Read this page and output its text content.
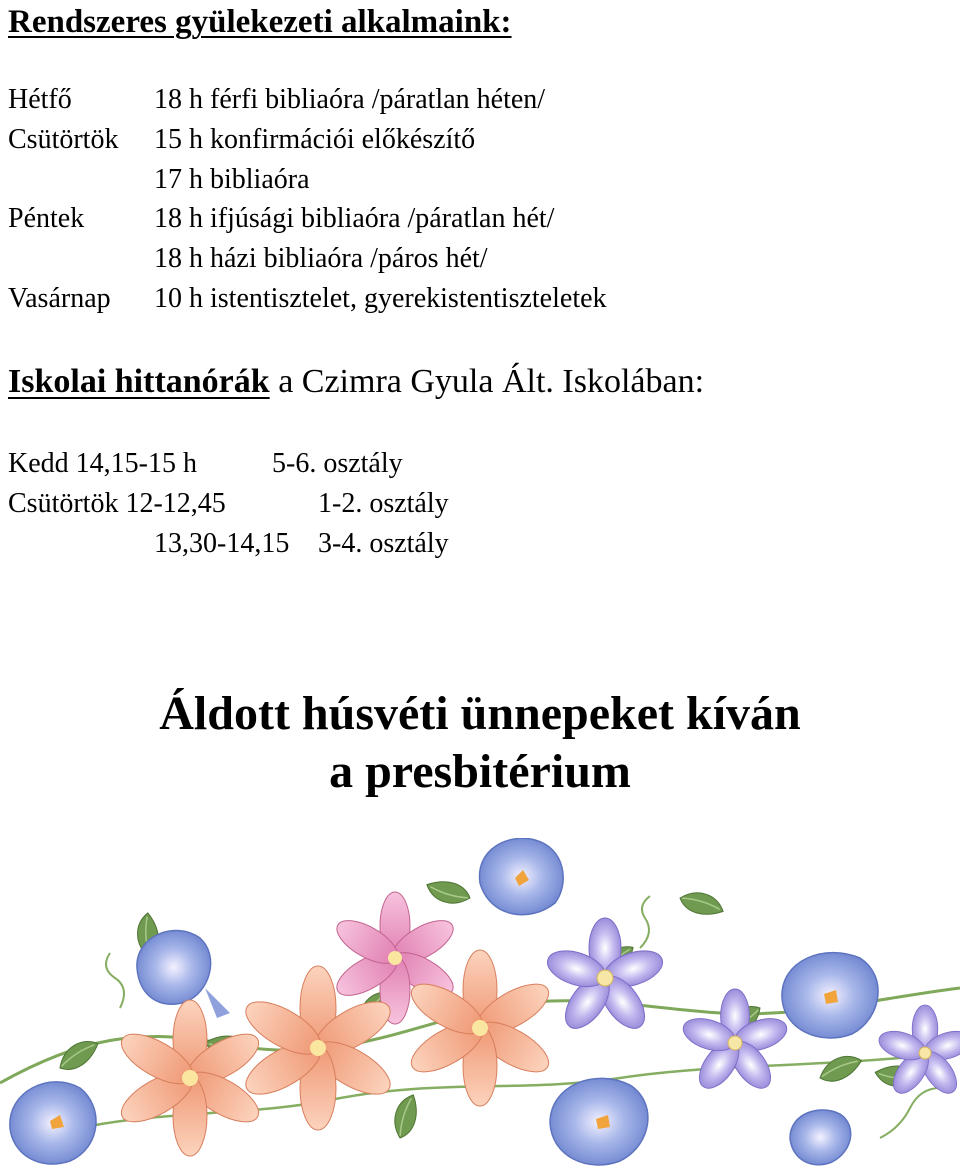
Rendszeres gyülekezeti alkalmaink:
Hétfő	18 h férfi bibliaóra /páratlan héten/
Csütörtök 15 h konfirmációi előkészítő
17 h bibliaóra
Péntek 18 h ifjúsági bibliaóra /páratlan hét/
18 h házi bibliaóra /páros hét/
Vasárnap 10 h istentisztelet, gyerekistentiszteletek
Iskolai hittanórák a Czimra Gyula Ált. Iskolában:
Kedd 14,15-15 h	5-6. osztály
Csütörtök 12-12,45	1-2. osztály
13,30-14,15 3-4. osztály
Áldott húsvéti ünnepeket kíván
a presbitérium
